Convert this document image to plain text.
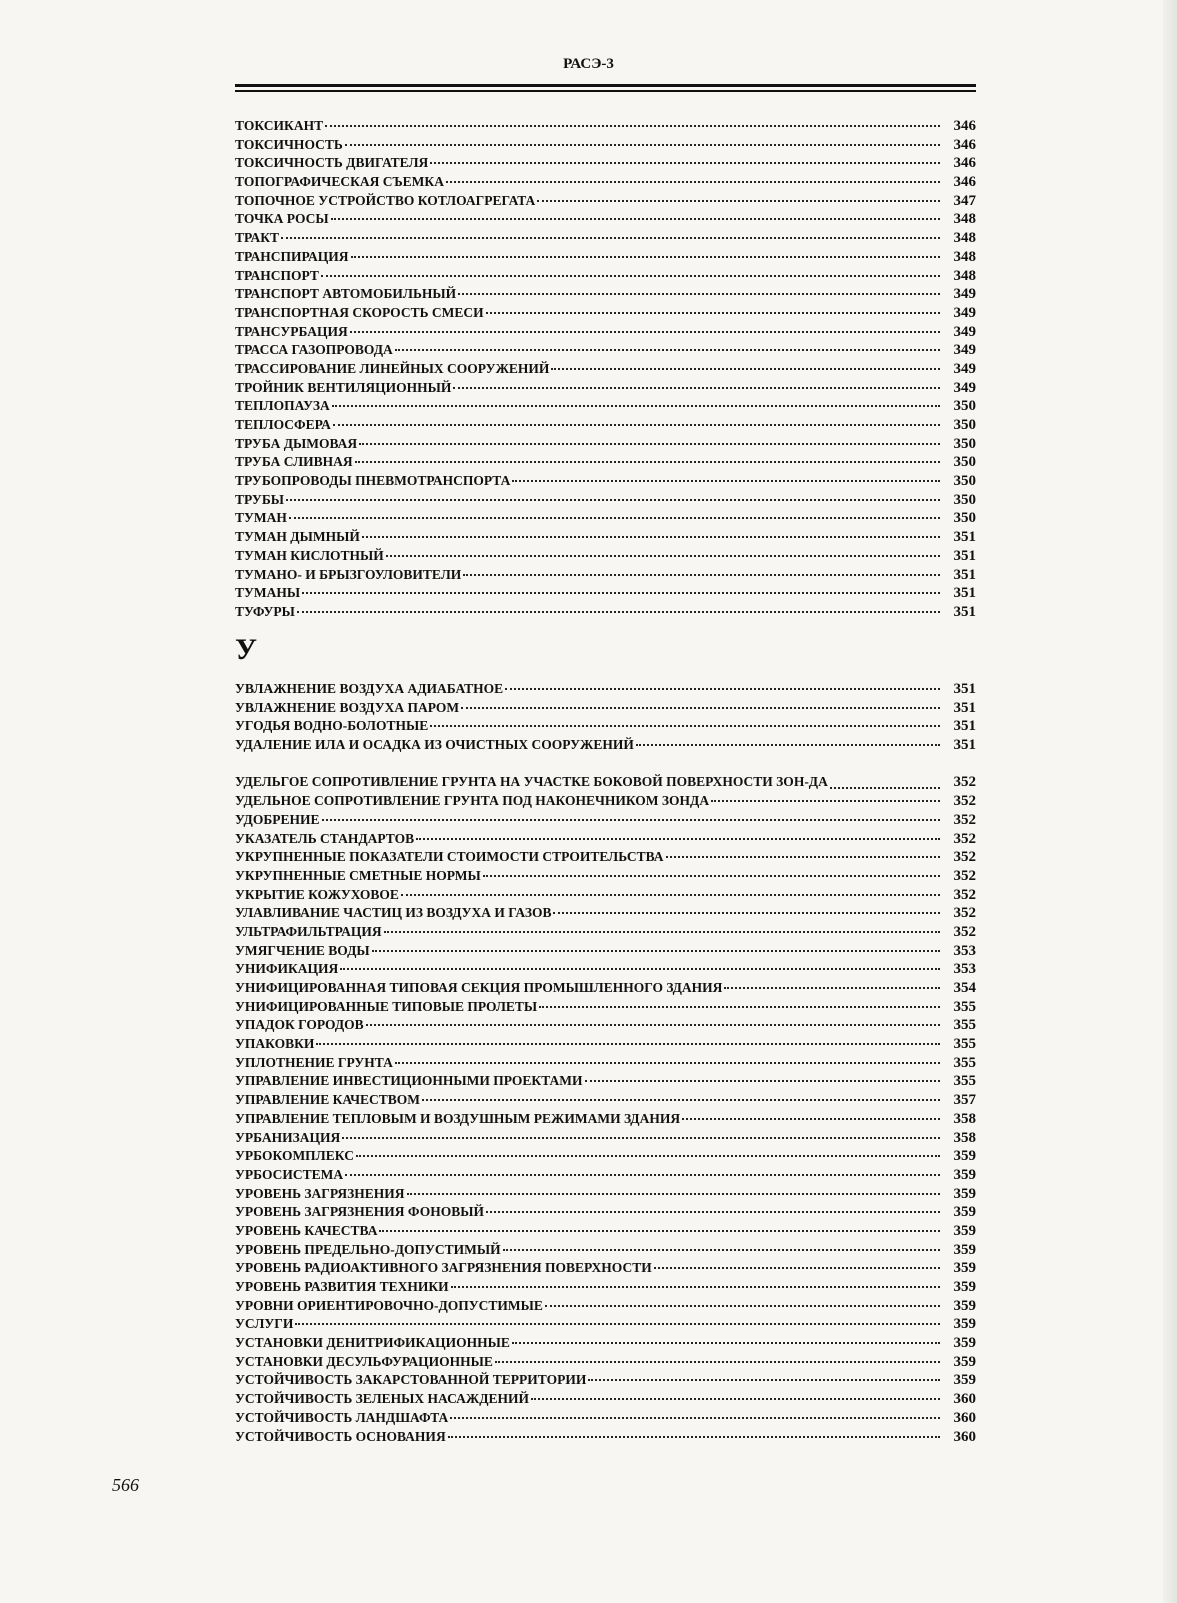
РАСЭ-3
ТОКСИКАНТ	346
ТОКСИЧНОСТЬ	346
ТОКСИЧНОСТЬ ДВИГАТЕЛЯ	346
ТОПОГРАФИЧЕСКАЯ СЪЕМКА	346
ТОПОЧНОЕ УСТРОЙСТВО КОТЛОАГРЕГАТА	347
ТОЧКА РОСЫ	348
ТРАКТ	348
ТРАНСПИРАЦИЯ	348
ТРАНСПОРТ	348
ТРАНСПОРТ АВТОМОБИЛЬНЫЙ	349
ТРАНСПОРТНАЯ СКОРОСТЬ СМЕСИ	349
ТРАНСУРБАЦИЯ	349
ТРАССА ГАЗОПРОВОДА	349
ТРАССИРОВАНИЕ ЛИНЕЙНЫХ СООРУЖЕНИЙ	349
ТРОЙНИК ВЕНТИЛЯЦИОННЫЙ	349
ТЕПЛОПАУЗА	350
ТЕПЛОСФЕРА	350
ТРУБА ДЫМОВАЯ	350
ТРУБА СЛИВНАЯ	350
ТРУБОПРОВОДЫ ПНЕВМОТРАНСПОРТА	350
ТРУБЫ	350
ТУМАН	350
ТУМАН ДЫМНЫЙ	351
ТУМАН КИСЛОТНЫЙ	351
ТУМАНО- И БРЫЗГОУЛОВИТЕЛИ	351
ТУМАНЫ	351
ТУФУРЫ	351
У
УВЛАЖНЕНИЕ ВОЗДУХА АДИАБАТНОЕ	351
УВЛАЖНЕНИЕ ВОЗДУХА ПАРОМ	351
УГОДЬЯ ВОДНО-БОЛОТНЫЕ	351
УДАЛЕНИЕ ИЛА И ОСАДКА ИЗ ОЧИСТНЫХ СООРУЖЕНИЙ	351
УДЕЛЬГОЕ СОПРОТИВЛЕНИЕ ГРУНТА НА УЧАСТКЕ БОКОВОЙ ПОВЕРХНОСТИ ЗОН-ДА	352
УДЕЛЬНОЕ СОПРОТИВЛЕНИЕ ГРУНТА ПОД НАКОНЕЧНИКОМ ЗОНДА	352
УДОБРЕНИЕ	352
УКАЗАТЕЛЬ СТАНДАРТОВ	352
УКРУПНЕННЫЕ ПОКАЗАТЕЛИ СТОИМОСТИ СТРОИТЕЛЬСТВА	352
УКРУПНЕННЫЕ СМЕТНЫЕ НОРМЫ	352
УКРЫТИЕ КОЖУХОВОЕ	352
УЛАВЛИВАНИЕ ЧАСТИЦ ИЗ ВОЗДУХА И ГАЗОВ	352
УЛЬТРАФИЛЬТРАЦИЯ	352
УМЯГЧЕНИЕ ВОДЫ	353
УНИФИКАЦИЯ	353
УНИФИЦИРОВАННАЯ ТИПОВАЯ СЕКЦИЯ ПРОМЫШЛЕННОГО ЗДАНИЯ	354
УНИФИЦИРОВАННЫЕ ТИПОВЫЕ ПРОЛЕТЫ	355
УПАДОК ГОРОДОВ	355
УПАКОВКИ	355
УПЛОТНЕНИЕ ГРУНТА	355
УПРАВЛЕНИЕ ИНВЕСТИЦИОННЫМИ ПРОЕКТАМИ	355
УПРАВЛЕНИЕ КАЧЕСТВОМ	357
УПРАВЛЕНИЕ ТЕПЛОВЫМ И ВОЗДУШНЫМ РЕЖИМАМИ ЗДАНИЯ	358
УРБАНИЗАЦИЯ	358
УРБОКОМПЛЕКС	359
УРБОСИСТЕМА	359
УРОВЕНЬ ЗАГРЯЗНЕНИЯ	359
УРОВЕНЬ ЗАГРЯЗНЕНИЯ ФОНОВЫЙ	359
УРОВЕНЬ КАЧЕСТВА	359
УРОВЕНЬ ПРЕДЕЛЬНО-ДОПУСТИМЫЙ	359
УРОВЕНЬ РАДИОАКТИВНОГО ЗАГРЯЗНЕНИЯ ПОВЕРХНОСТИ	359
УРОВЕНЬ РАЗВИТИЯ ТЕХНИКИ	359
УРОВНИ ОРИЕНТИРОВОЧНО-ДОПУСТИМЫЕ	359
УСЛУГИ	359
УСТАНОВКИ ДЕНИТРИФИКАЦИОННЫЕ	359
УСТАНОВКИ ДЕСУЛЬФУРАЦИОННЫЕ	359
УСТОЙЧИВОСТЬ ЗАКАРСТОВАННОЙ ТЕРРИТОРИИ	359
УСТОЙЧИВОСТЬ ЗЕЛЕНЫХ НАСАЖДЕНИЙ	360
УСТОЙЧИВОСТЬ ЛАНДШАФТА	360
УСТОЙЧИВОСТЬ ОСНОВАНИЯ	360
566
